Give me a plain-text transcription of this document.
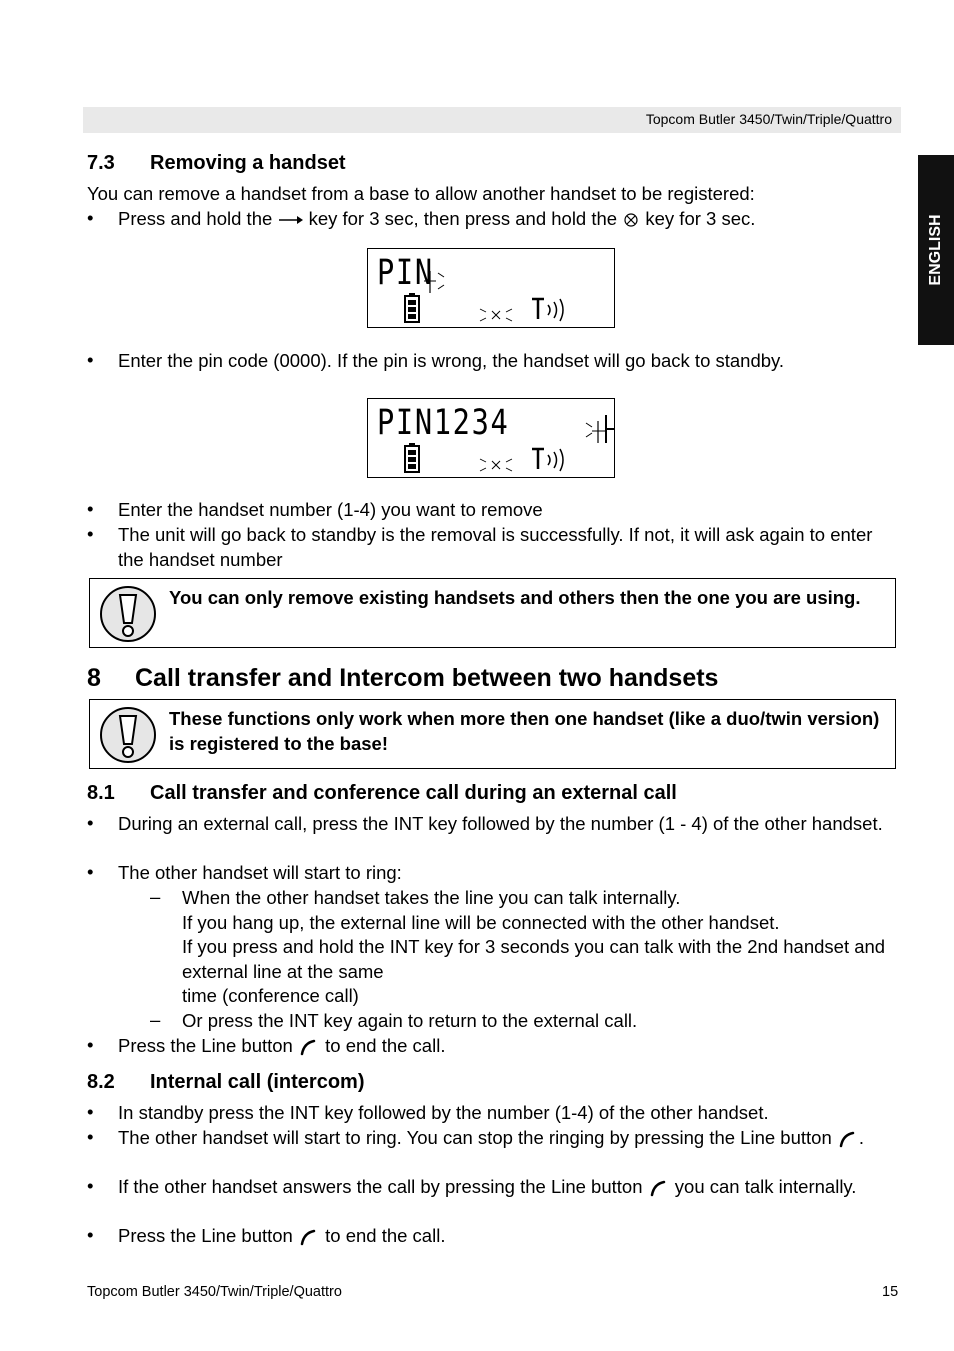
Topcom Butler 3450/Twin/Triple/Quattro
ENGLISH
7.3 Removing a handset
You can remove a handset from a base to allow another handset to be registered:
• Press and hold the key for 3 sec, then press and hold the key for 3 sec.
PIN
• Enter the pin code (0000). If the pin is wrong, the handset will go back to standby.
PIN1234
• Enter the handset number (1-4) you want to remove
• The unit will go back to standby is the removal is successfully. If not, it will ask again to enter the handset number
You can only remove existing handsets and others then the one you are using.
8 Call transfer and Intercom between two handsets
These functions only work when more then one handset (like a duo/twin version) is registered to the base!
8.1 Call transfer and conference call during an external call
• During an external call, press the INT key followed by the number (1 - 4) of the other handset.
• The other handset will start to ring:
– When the other handset takes the line you can talk internally.
If you hang up, the external line will be connected with the other handset.
If you press and hold the INT key for 3 seconds you can talk with the 2nd handset and external line at the same
time (conference call)
– Or press the INT key again to return to the external call.
• Press the Line button to end the call.
8.2 Internal call (intercom)
• In standby press the INT key followed by the number (1-4) of the other handset.
• The other handset will start to ring. You can stop the ringing by pressing the Line button .
• If the other handset answers the call by pressing the Line button you can talk internally.
• Press the Line button to end the call.
Topcom Butler 3450/Twin/Triple/Quattro	15
